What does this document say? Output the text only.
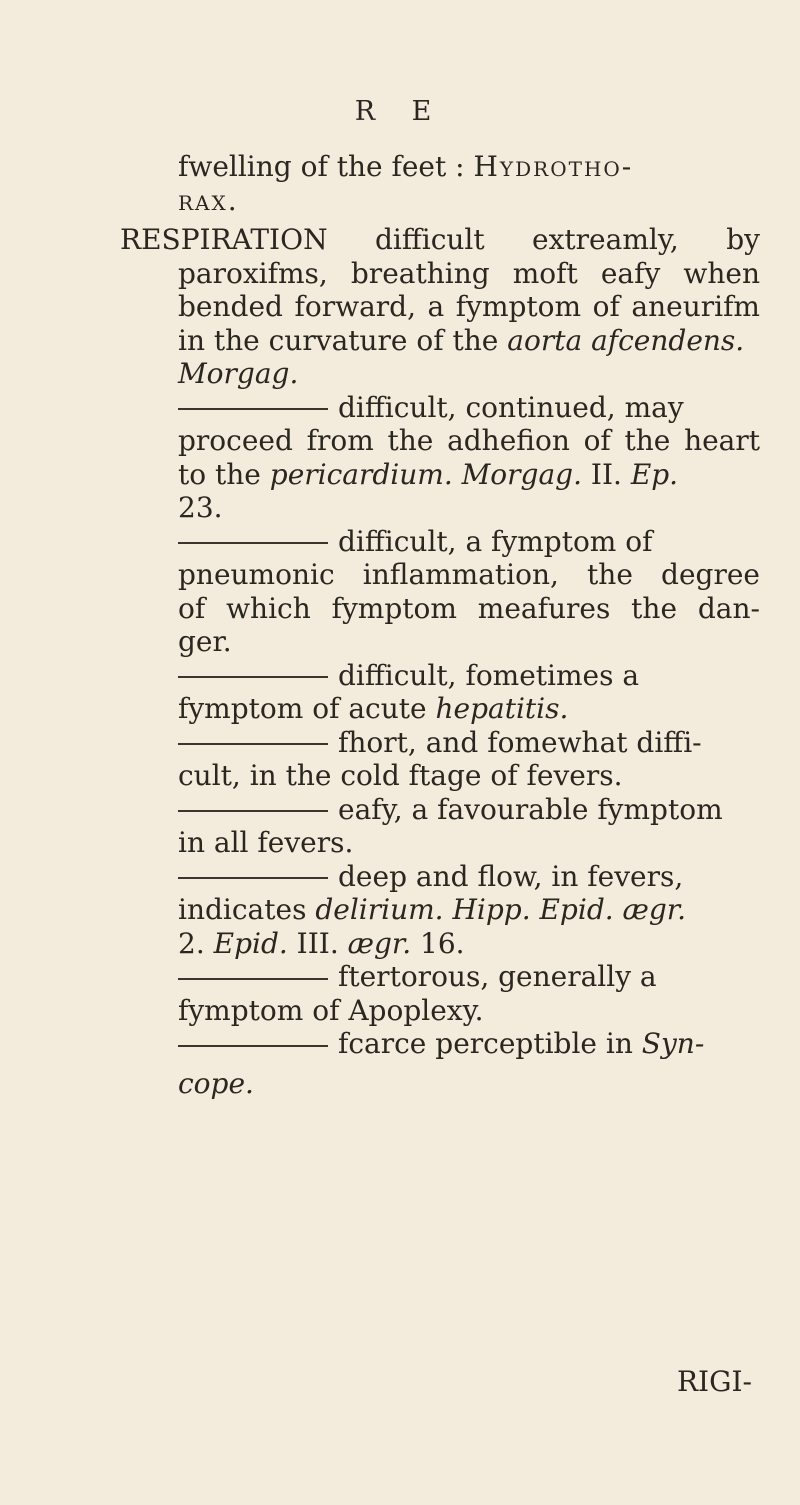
R E
fwelling of the feet : Hydrotho-
rax.
RESPIRATION difficult extreamly, by
paroxifms, breathing moft eafy when
bended forward, a fymptom of aneurifm
in the curvature of the aorta afcendens.
Morgag.
difficult, continued, may
proceed from the adhefion of the heart
to the pericardium. Morgag. II. Ep.
23.
difficult, a fymptom of
pneumonic inflammation, the degree
of which fymptom meafures the dan-
ger.
difficult, fometimes a
fymptom of acute hepatitis.
fhort, and fomewhat diffi-
cult, in the cold ftage of fevers.
eafy, a favourable fymptom
in all fevers.
deep and flow, in fevers,
indicates delirium. Hipp. Epid. ægr.
2. Epid. III. ægr. 16.
ftertorous, generally a
fymptom of Apoplexy.
fcarce perceptible in Syn-
cope.
RIGI-
